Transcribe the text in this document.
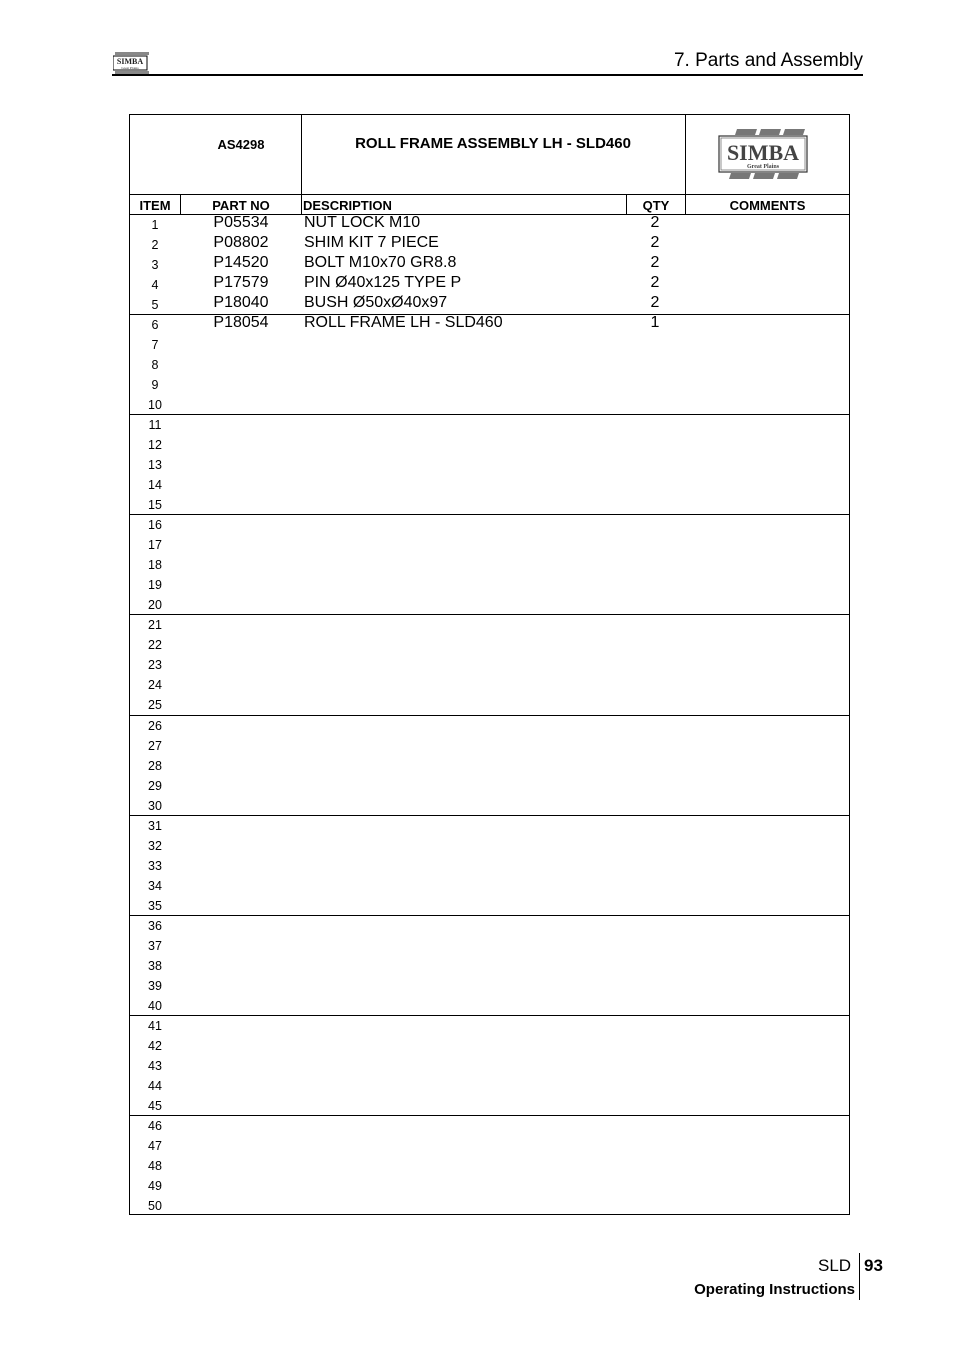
SIMBA
Great Plains	7. Parts and Assembly
AS4298	ROLL FRAME ASSEMBLY LH - SLD460	SIMBA
Great Plains
ITEM	PART NO	DESCRIPTION	QTY	COMMENTS
1	P05534	NUT LOCK M10	2
2	P08802	SHIM KIT 7 PIECE	2
3	P14520	BOLT M10x70 GR8.8	2
4	P17579	PIN Ø40x125 TYPE P	2
5	P18040	BUSH Ø50xØ40x97	2
6	P18054	ROLL FRAME LH - SLD460	1
7
8
9
10
11
12
13
14
15
16
17
18
19
20
21
22
23
24
25
26
27
28
29
30
31
32
33
34
35
36
37
38
39
40
41
42
43
44
45
46
47
48
49
50
SLD 93
Operating Instructions
